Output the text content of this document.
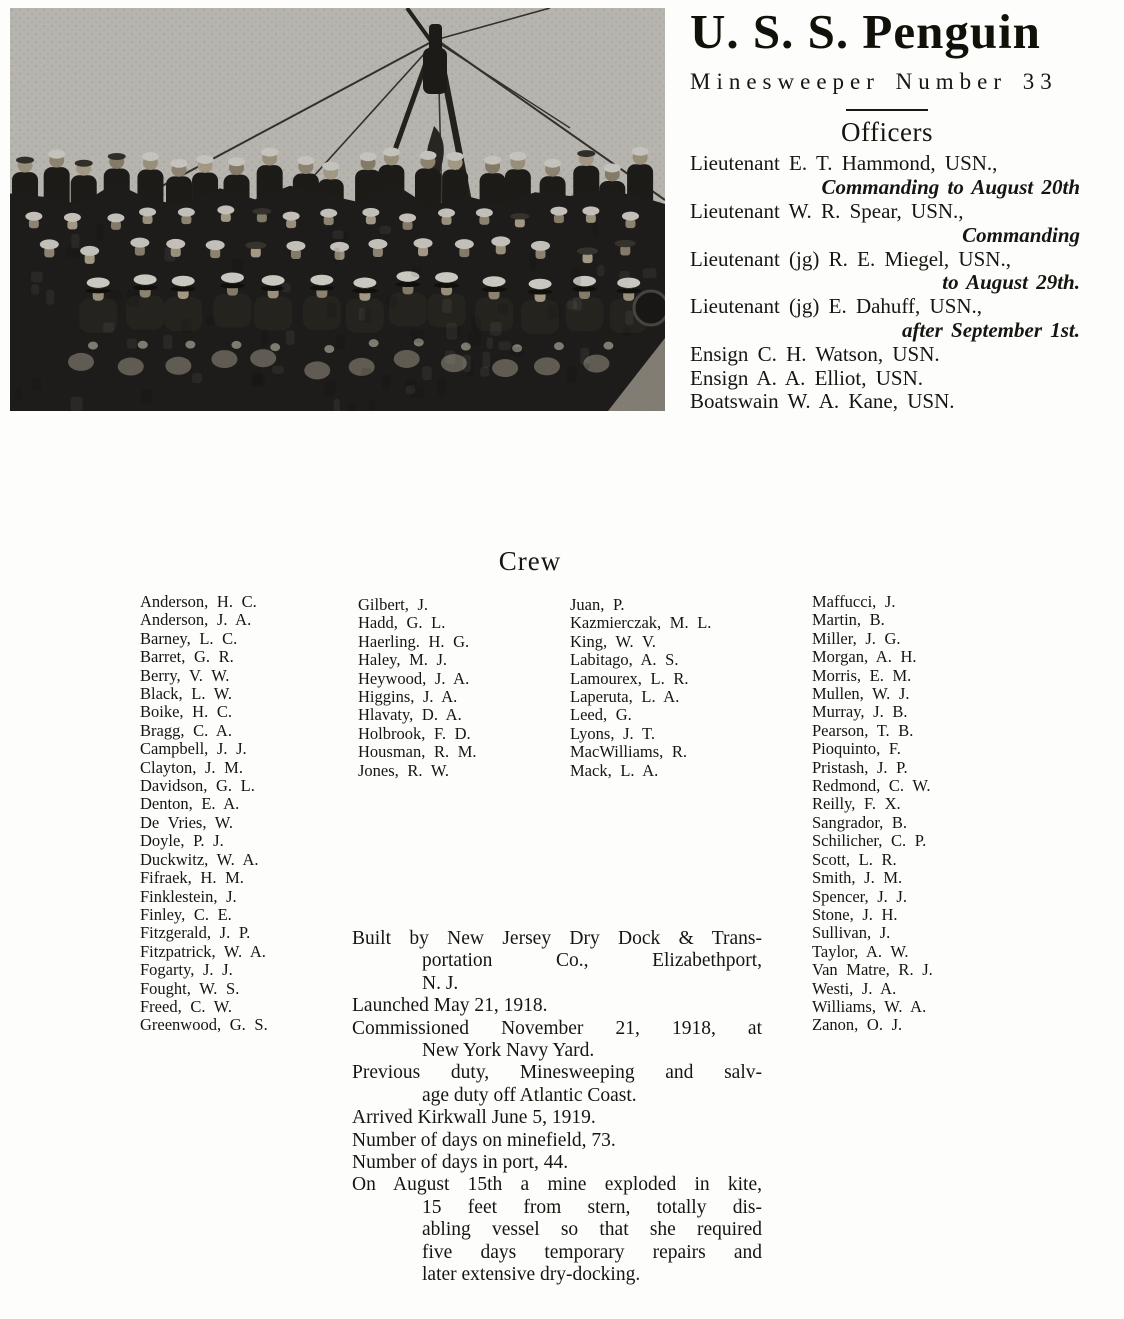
U. S. S. Penguin
Minesweeper Number 33
Officers
Lieutenant E. T. Hammond, USN.,
Commanding to August 20th
Lieutenant W. R. Spear, USN.,
Commanding
Lieutenant (jg) R. E. Miegel, USN.,
to August 29th.
Lieutenant (jg) E. Dahuff, USN.,
after September 1st.
Ensign C. H. Watson, USN.
Ensign A. A. Elliot, USN.
Boatswain W. A. Kane, USN.
Crew
Anderson, H. C.
Anderson, J. A.
Barney, L. C.
Barret, G. R.
Berry, V. W.
Black, L. W.
Boike, H. C.
Bragg, C. A.
Campbell, J. J.
Clayton, J. M.
Davidson, G. L.
Denton, E. A.
De Vries, W.
Doyle, P. J.
Duckwitz, W. A.
Fifraek, H. M.
Finklestein, J.
Finley, C. E.
Fitzgerald, J. P.
Fitzpatrick, W. A.
Fogarty, J. J.
Fought, W. S.
Freed, C. W.
Greenwood, G. S.
Gilbert, J.
Hadd, G. L.
Haerling. H. G.
Haley, M. J.
Heywood, J. A.
Higgins, J. A.
Hlavaty, D. A.
Holbrook, F. D.
Housman, R. M.
Jones, R. W.
Juan, P.
Kazmierczak, M. L.
King, W. V.
Labitago, A. S.
Lamourex, L. R.
Laperuta, L. A.
Leed, G.
Lyons, J. T.
MacWilliams, R.
Mack, L. A.
Maffucci, J.
Martin, B.
Miller, J. G.
Morgan, A. H.
Morris, E. M.
Mullen, W. J.
Murray, J. B.
Pearson, T. B.
Pioquinto, F.
Pristash, J. P.
Redmond, C. W.
Reilly, F. X.
Sangrador, B.
Schilicher, C. P.
Scott, L. R.
Smith, J. M.
Spencer, J. J.
Stone, J. H.
Sullivan, J.
Taylor, A. W.
Van Matre, R. J.
Westi, J. A.
Williams, W. A.
Zanon, O. J.
Built by New Jersey Dry Dock & Trans-
portation Co., Elizabethport,
N. J.
Launched May 21, 1918.
Commissioned November 21, 1918, at
New York Navy Yard.
Previous duty, Minesweeping and salv-
age duty off Atlantic Coast.
Arrived Kirkwall June 5, 1919.
Number of days on minefield, 73.
Number of days in port, 44.
On August 15th a mine exploded in kite,
15 feet from stern, totally dis-
abling vessel so that she required
five days temporary repairs and
later extensive dry-docking.
